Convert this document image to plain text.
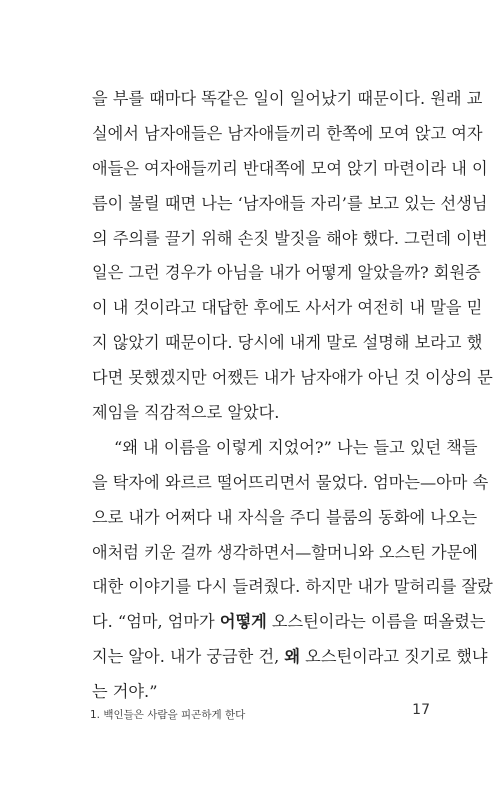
을 부를 때마다 똑같은 일이 일어났기 때문이다. 원래 교
실에서 남자애들은 남자애들끼리 한쪽에 모여 앉고 여자
애들은 여자애들끼리 반대쪽에 모여 앉기 마련이라 내 이
름이 불릴 때면 나는 ‘남자애들 자리’를 보고 있는 선생님
의 주의를 끌기 위해 손짓 발짓을 해야 했다. 그런데 이번
일은 그런 경우가 아님을 내가 어떻게 알았을까? 회원증
이 내 것이라고 대답한 후에도 사서가 여전히 내 말을 믿
지 않았기 때문이다. 당시에 내게 말로 설명해 보라고 했
다면 못했겠지만 어쨌든 내가 남자애가 아닌 것 이상의 문
제임을 직감적으로 알았다.
“왜 내 이름을 이렇게 지었어?” 나는 들고 있던 책들
을 탁자에 와르르 떨어뜨리면서 물었다. 엄마는—아마 속
으로 내가 어쩌다 내 자식을 주디 블룸의 동화에 나오는
애처럼 키운 걸까 생각하면서—할머니와 오스틴 가문에
대한 이야기를 다시 들려줬다. 하지만 내가 말허리를 잘랐
다. “엄마, 엄마가 어떻게 오스틴이라는 이름을 떠올렸는
지는 알아. 내가 궁금한 건, 왜 오스틴이라고 짓기로 했냐
는 거야.”
1. 백인들은 사람을 피곤하게 한다	17
